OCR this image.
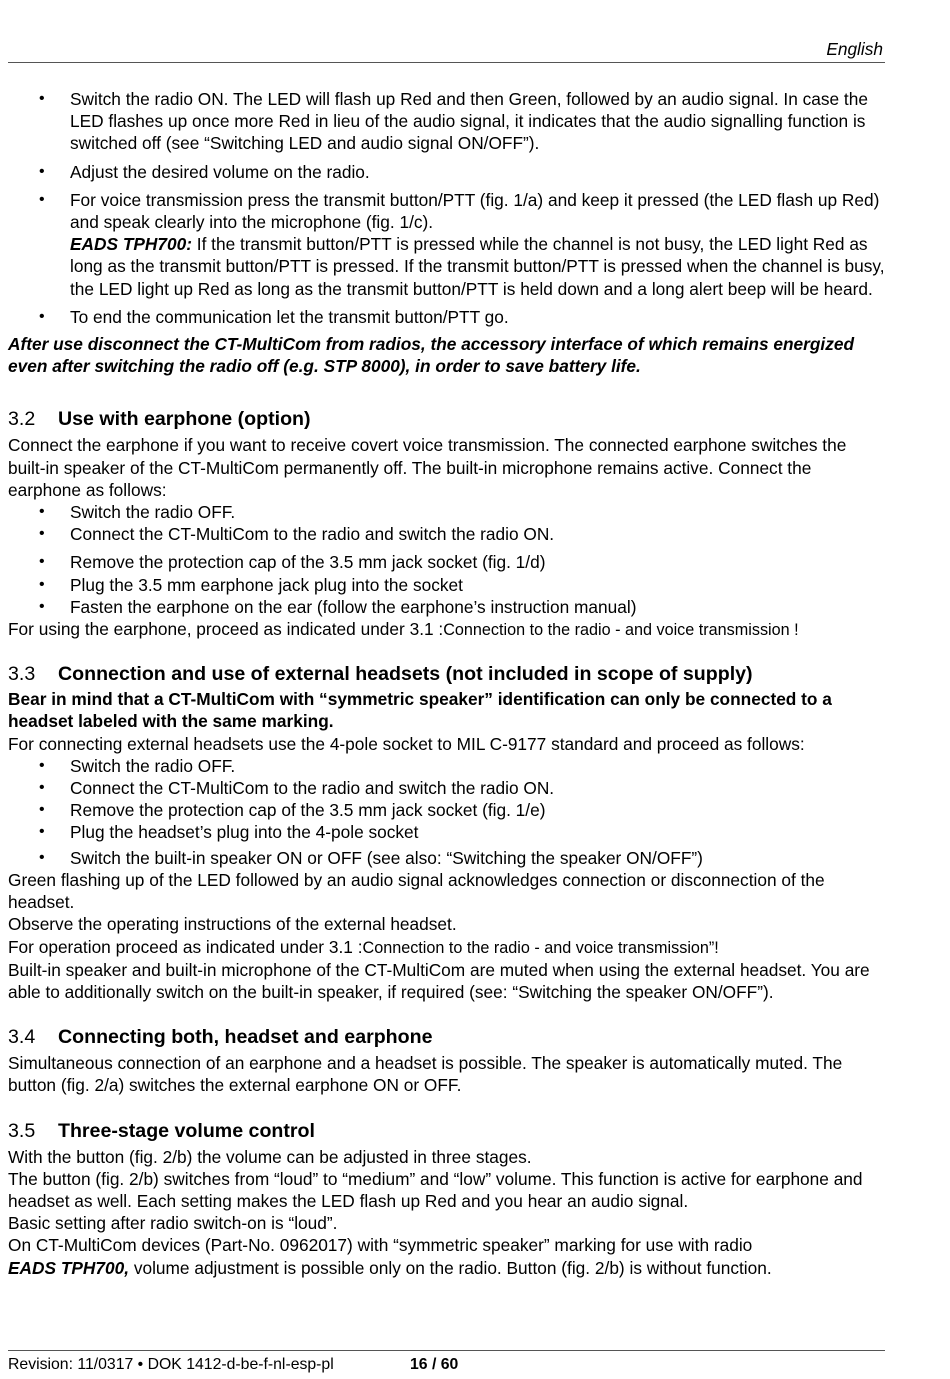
English
• Switch the radio ON. The LED will flash up Red and then Green, followed by an audio signal. In case the LED flashes up once more Red in lieu of the audio signal, it indicates that the audio signalling function is switched off (see “Switching LED and audio signal ON/OFF”).
• Adjust the desired volume on the radio.
• For voice transmission press the transmit button/PTT (fig. 1/a) and keep it pressed (the LED flash up Red) and speak clearly into the microphone (fig. 1/c).
EADS TPH700: If the transmit button/PTT is pressed while the channel is not busy, the LED light Red as long as the transmit button/PTT is pressed. If the transmit button/PTT is pressed when the channel is busy, the LED light up Red as long as the transmit button/PTT is held down and a long alert beep will be heard.
• To end the communication let the transmit button/PTT go.

After use disconnect the CT-MultiCom from radios, the accessory interface of which remains energized even after switching the radio off (e.g. STP 8000), in order to save battery life.

3.2 Use with earphone (option)

Connect the earphone if you want to receive covert voice transmission. The connected earphone switches the built-in speaker of the CT-MultiCom permanently off. The built-in microphone remains active. Connect the earphone as follows:

• Switch the radio OFF.
• Connect the CT-MultiCom to the radio and switch the radio ON.
• Remove the protection cap of the 3.5 mm jack socket (fig. 1/d)
• Plug the 3.5 mm earphone jack plug into the socket
• Fasten the earphone on the ear (follow the earphone’s instruction manual)

For using the earphone, proceed as indicated under 3.1 :Connection to the radio - and voice transmission !

3.3 Connection and use of external headsets (not included in scope of supply)

Bear in mind that a CT-MultiCom with “symmetric speaker” identification can only be connected to a headset labeled with the same marking.

For connecting external headsets use the 4-pole socket to MIL C-9177 standard and proceed as follows:

• Switch the radio OFF.
• Connect the CT-MultiCom to the radio and switch the radio ON.
• Remove the protection cap of the 3.5 mm jack socket (fig. 1/e)
• Plug the headset’s plug into the 4-pole socket
• Switch the built-in speaker ON or OFF (see also: “Switching the speaker ON/OFF”)

Green flashing up of the LED followed by an audio signal acknowledges connection or disconnection of the headset.

Observe the operating instructions of the external headset.

For operation proceed as indicated under 3.1 :Connection to the radio - and voice transmission”!

Built-in speaker and built-in microphone of the CT-MultiCom are muted when using the external headset. You are able to additionally switch on the built-in speaker, if required (see: “Switching the speaker ON/OFF”).

3.4 Connecting both, headset and earphone

Simultaneous connection of an earphone and a headset is possible. The speaker is automatically muted. The button (fig. 2/a) switches the external earphone ON or OFF.

3.5 Three-stage volume control

With the button (fig. 2/b) the volume can be adjusted in three stages.

The button (fig. 2/b) switches from “loud” to “medium” and “low” volume. This function is active for earphone and headset as well. Each setting makes the LED flash up Red and you hear an audio signal.

Basic setting after radio switch-on is “loud”.

On CT-MultiCom devices (Part-No. 0962017) with “symmetric speaker” marking for use with radio

EADS TPH700, volume adjustment is possible only on the radio. Button (fig. 2/b) is without function.

Revision: 11/0317 • DOK 1412-d-be-f-nl-esp-pl	16 / 60
